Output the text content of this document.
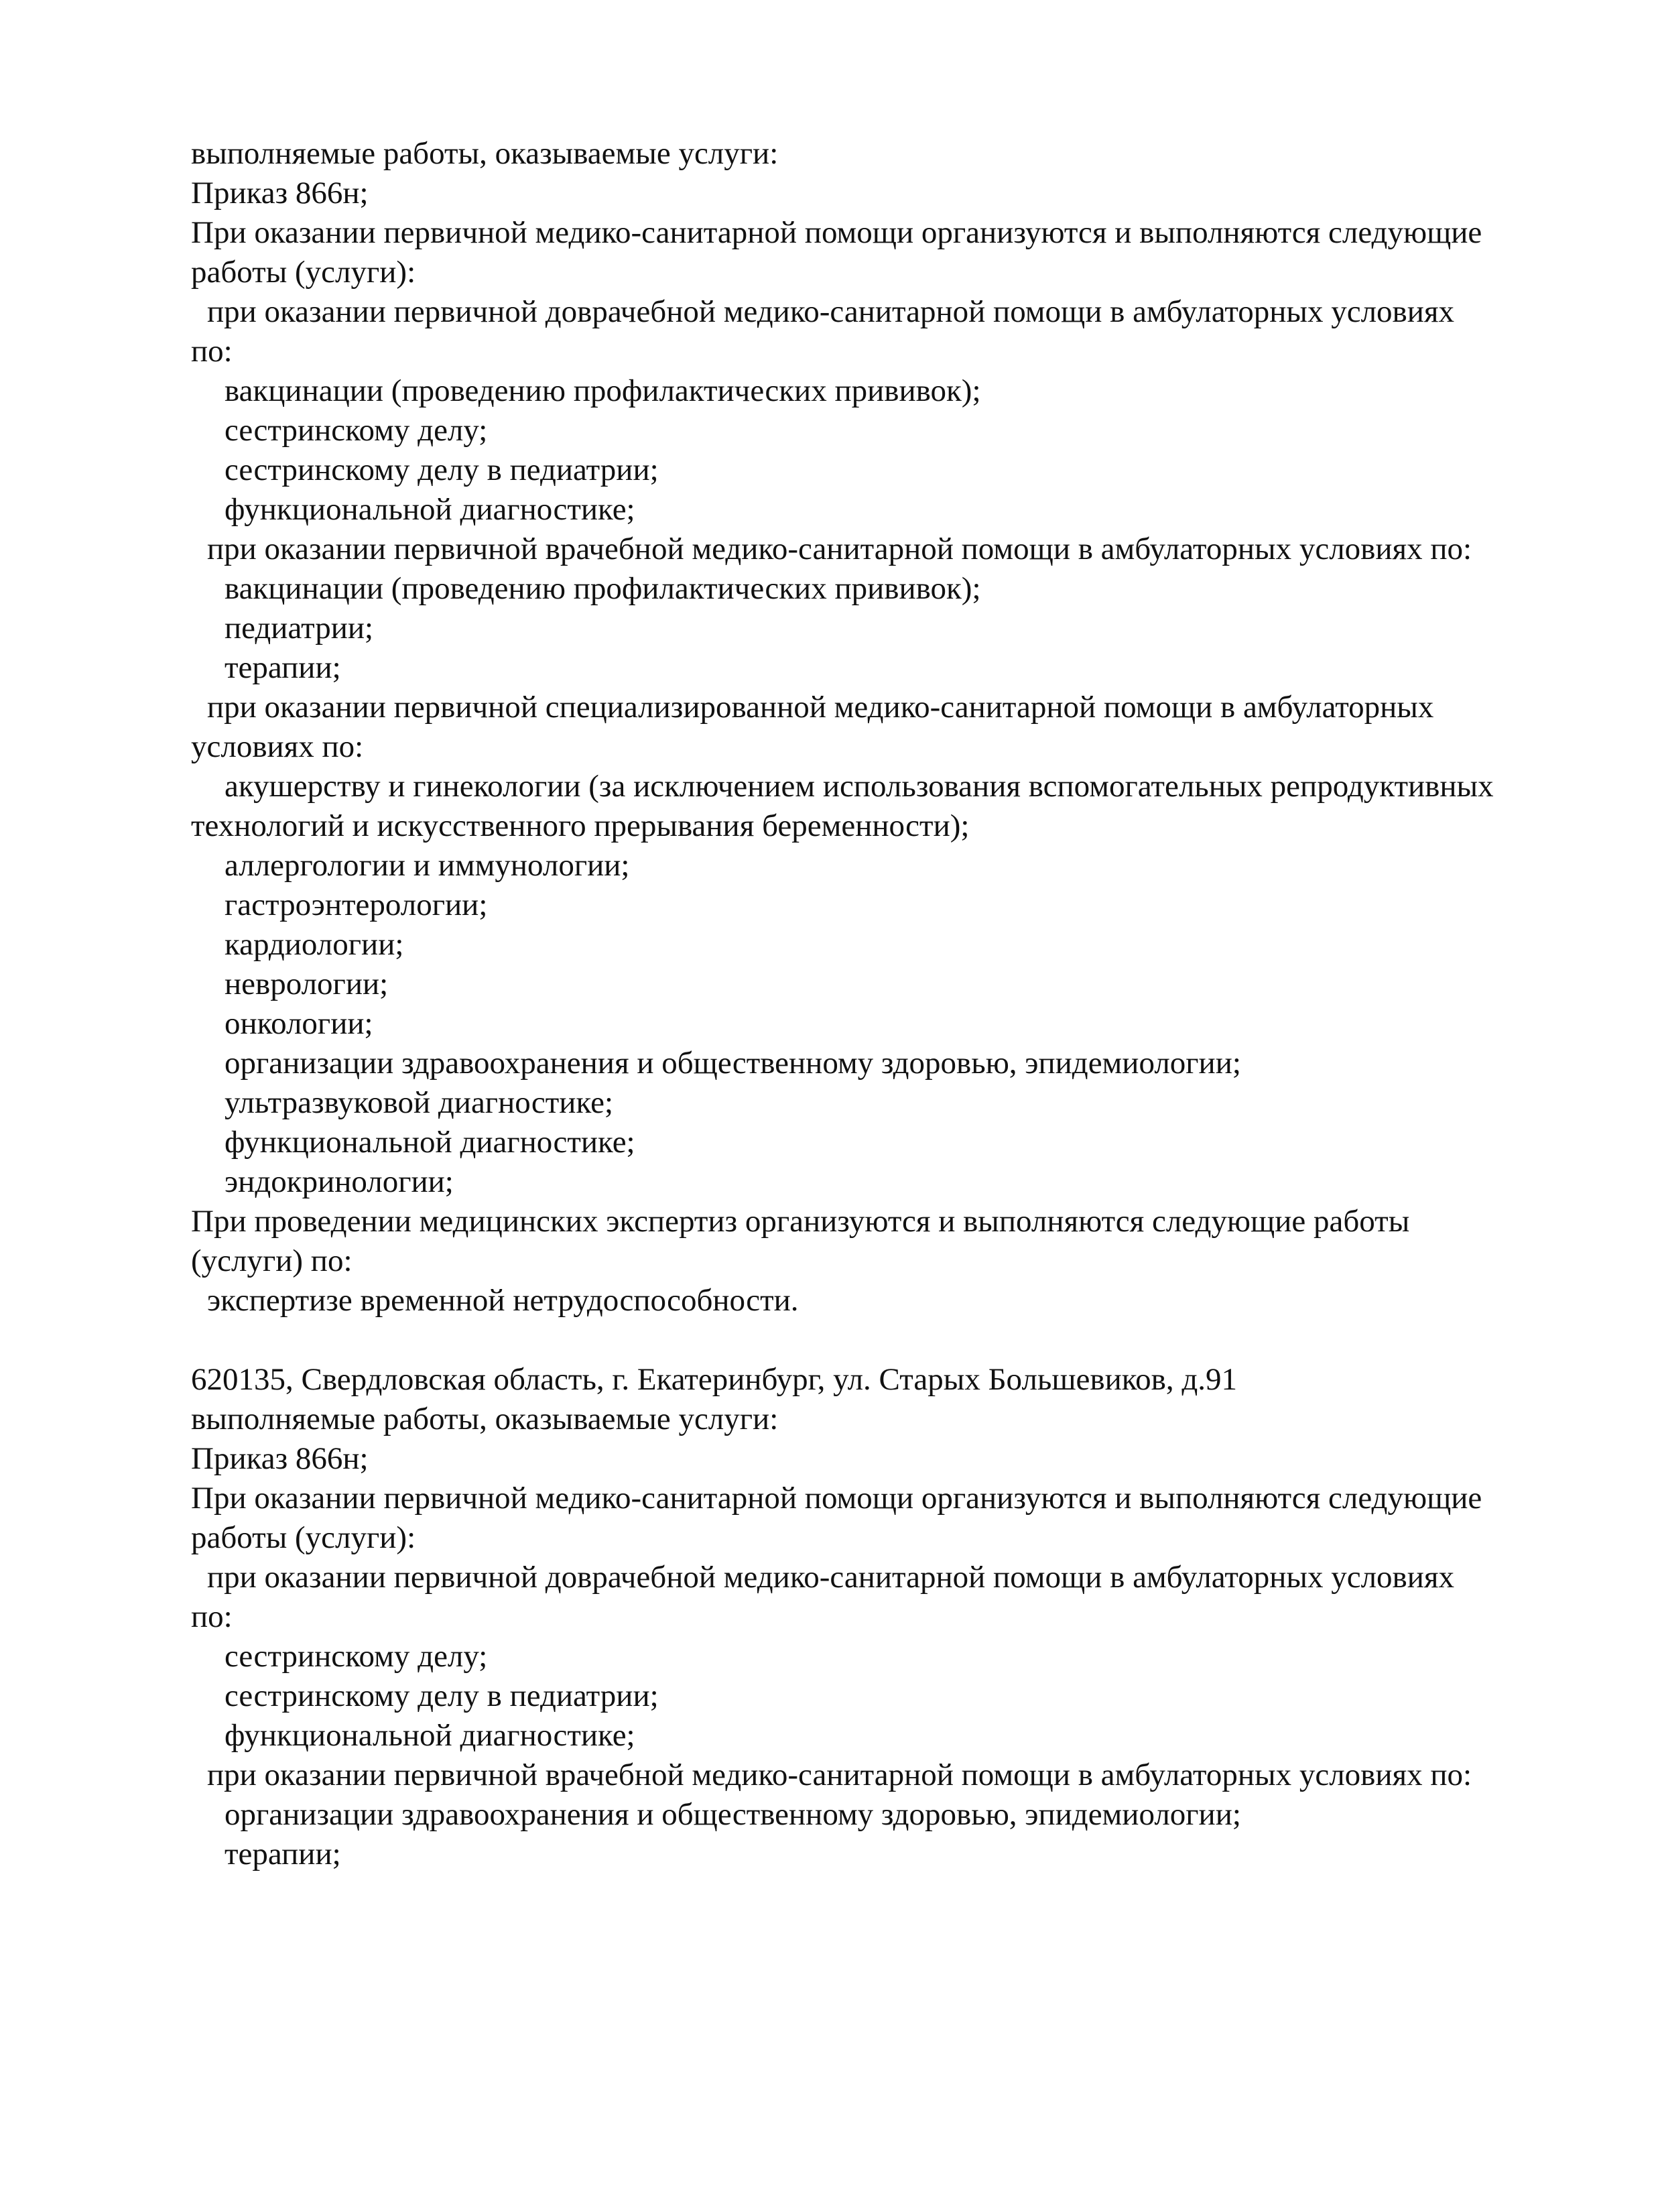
выполняемые работы, оказываемые услуги:
Приказ 866н;
При оказании первичной медико-санитарной помощи организуются и выполняются следующие
работы (услуги):
при оказании первичной доврачебной медико-санитарной помощи в амбулаторных условиях
по:
вакцинации (проведению профилактических прививок);
сестринскому делу;
сестринскому делу в педиатрии;
функциональной диагностике;
при оказании первичной врачебной медико-санитарной помощи в амбулаторных условиях по:
вакцинации (проведению профилактических прививок);
педиатрии;
терапии;
при оказании первичной специализированной медико-санитарной помощи в амбулаторных
условиях по:
акушерству и гинекологии (за исключением использования вспомогательных репродуктивных
технологий и искусственного прерывания беременности);
аллергологии и иммунологии;
гастроэнтерологии;
кардиологии;
неврологии;
онкологии;
организации здравоохранения и общественному здоровью, эпидемиологии;
ультразвуковой диагностике;
функциональной диагностике;
эндокринологии;
При проведении медицинских экспертиз организуются и выполняются следующие работы
(услуги) по:
экспертизе временной нетрудоспособности.
620135, Свердловская область, г. Екатеринбург, ул. Старых Большевиков, д.91
выполняемые работы, оказываемые услуги:
Приказ 866н;
При оказании первичной медико-санитарной помощи организуются и выполняются следующие
работы (услуги):
при оказании первичной доврачебной медико-санитарной помощи в амбулаторных условиях
по:
сестринскому делу;
сестринскому делу в педиатрии;
функциональной диагностике;
при оказании первичной врачебной медико-санитарной помощи в амбулаторных условиях по:
организации здравоохранения и общественному здоровью, эпидемиологии;
терапии;
